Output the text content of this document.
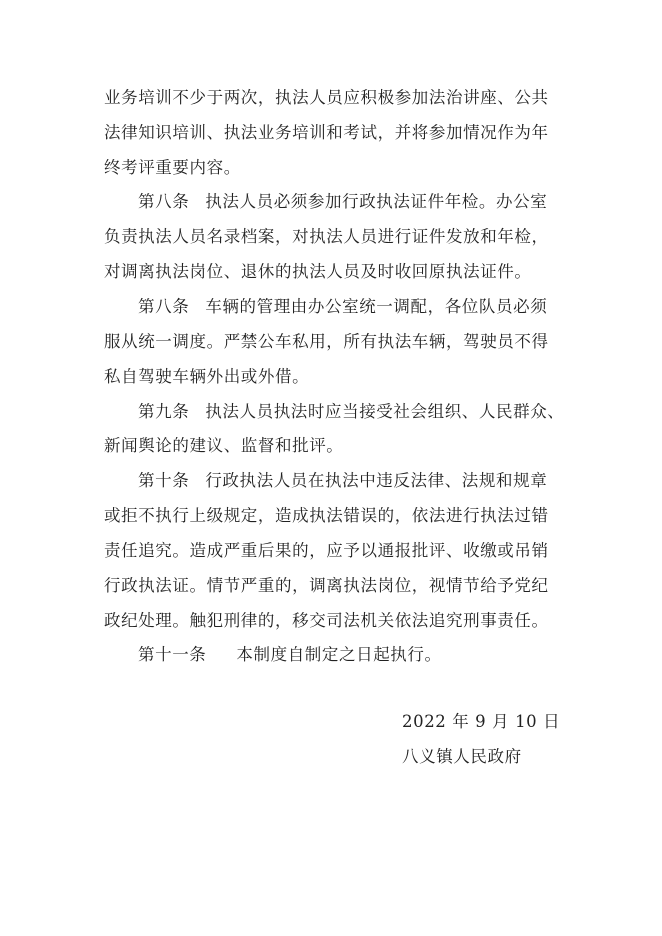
业务培训不少于两次，执法人员应积极参加法治讲座、公共
法律知识培训、执法业务培训和考试，并将参加情况作为年
终考评重要内容。
第八条 执法人员必须参加行政执法证件年检。办公室
负责执法人员名录档案，对执法人员进行证件发放和年检，
对调离执法岗位、退休的执法人员及时收回原执法证件。
第八条 车辆的管理由办公室统一调配，各位队员必须
服从统一调度。严禁公车私用，所有执法车辆，驾驶员不得
私自驾驶车辆外出或外借。
第九条 执法人员执法时应当接受社会组织、人民群众、
新闻舆论的建议、监督和批评。
第十条 行政执法人员在执法中违反法律、法规和规章
或拒不执行上级规定，造成执法错误的，依法进行执法过错
责任追究。造成严重后果的，应予以通报批评、收缴或吊销
行政执法证。情节严重的，调离执法岗位，视情节给予党纪
政纪处理。触犯刑律的，移交司法机关依法追究刑事责任。
第十一条 本制度自制定之日起执行。
2022 年 9 月 10 日
八义镇人民政府
